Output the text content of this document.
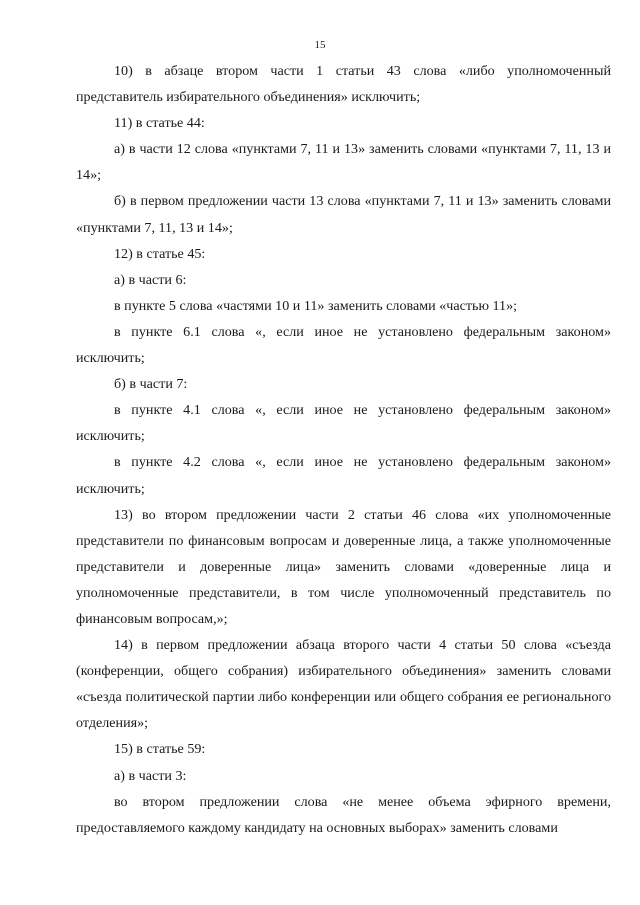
15

10) в абзаце втором части 1 статьи 43 слова «либо уполномоченный представитель избирательного объединения» исключить;

11) в статье 44:

а) в части 12 слова «пунктами 7, 11 и 13» заменить словами «пунктами 7, 11, 13 и 14»;

б) в первом предложении части 13 слова «пунктами 7, 11 и 13» заменить словами «пунктами 7, 11, 13 и 14»;

12) в статье 45:

а) в части 6:

в пункте 5 слова «частями 10 и 11» заменить словами «частью 11»;

в пункте 6.1 слова «, если иное не установлено федеральным законом» исключить;

б) в части 7:

в пункте 4.1 слова «, если иное не установлено федеральным законом» исключить;

в пункте 4.2 слова «, если иное не установлено федеральным законом» исключить;

13) во втором предложении части 2 статьи 46 слова «их уполномоченные представители по финансовым вопросам и доверенные лица, а также уполномоченные представители и доверенные лица» заменить словами «доверенные лица и уполномоченные представители, в том числе уполномоченный представитель по финансовым вопросам,»;

14) в первом предложении абзаца второго части 4 статьи 50 слова «съезда (конференции, общего собрания) избирательного объединения» заменить словами «съезда политической партии либо конференции или общего собрания ее регионального отделения»;

15) в статье 59:

а) в части 3:

во втором предложении слова «не менее объема эфирного времени, предоставляемого каждому кандидату на основных выборах» заменить словами
